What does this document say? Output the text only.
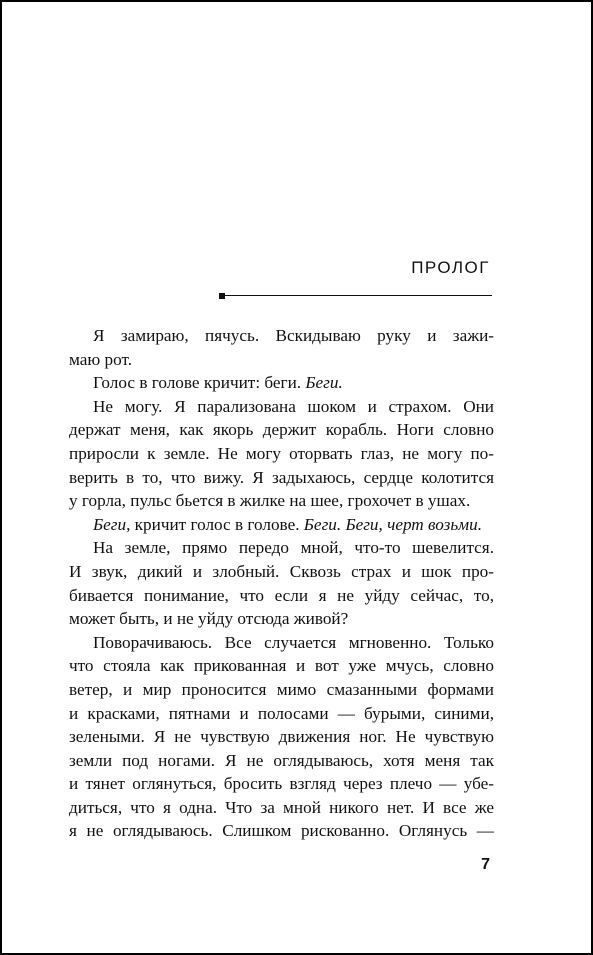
ПРОЛОГ
Я замираю, пячусь. Вскидываю руку и зажи-
маю рот.
Голос в голове кричит: беги. Беги.
Не могу. Я парализована шоком и страхом. Они
держат меня, как якорь держит корабль. Ноги словно
приросли к земле. Не могу оторвать глаз, не могу по-
верить в то, что вижу. Я задыхаюсь, сердце колотится
у горла, пульс бьется в жилке на шее, грохочет в ушах.
Беги, кричит голос в голове. Беги. Беги, черт возьми.
На земле, прямо передо мной, что-то шевелится.
И звук, дикий и злобный. Сквозь страх и шок про-
бивается понимание, что если я не уйду сейчас, то,
может быть, и не уйду отсюда живой?
Поворачиваюсь. Все случается мгновенно. Только
что стояла как прикованная и вот уже мчусь, словно
ветер, и мир проносится мимо смазанными формами
и красками, пятнами и полосами — бурыми, синими,
зелеными. Я не чувствую движения ног. Не чувствую
земли под ногами. Я не оглядываюсь, хотя меня так
и тянет оглянуться, бросить взгляд через плечо — убе-
диться, что я одна. Что за мной никого нет. И все же
я не оглядываюсь. Слишком рискованно. Оглянусь —
7
